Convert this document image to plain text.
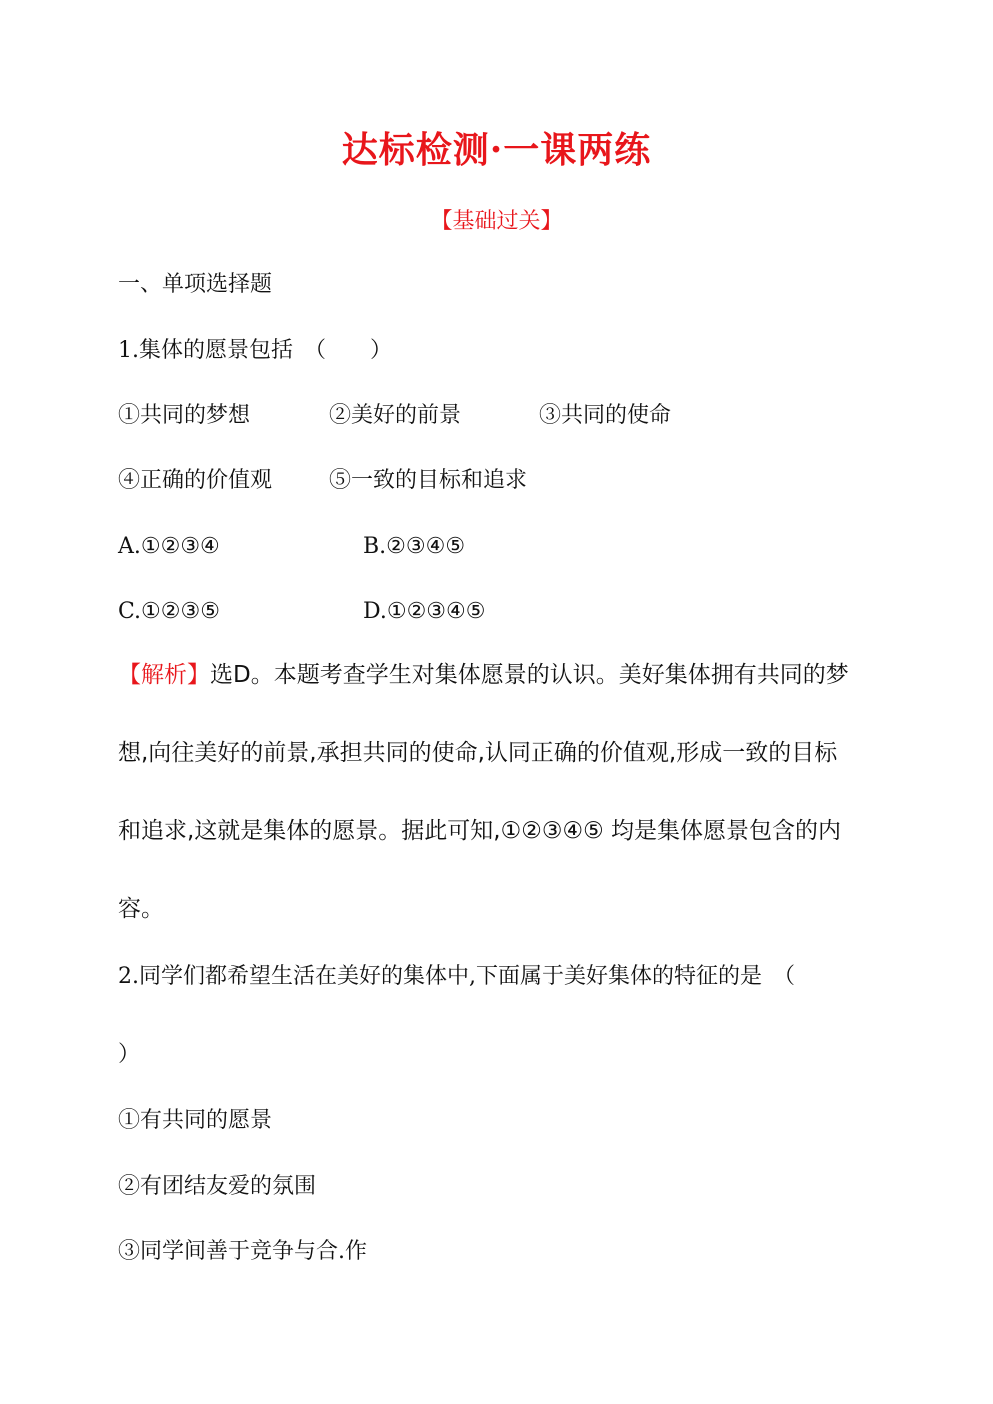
达标检测·一课两练
【基础过关】
一、单项选择题
1.集体的愿景包括　（　　）
①共同的梦想	②美好的前景	③共同的使命
④正确的价值观	⑤一致的目标和追求
A.①②③④	B.②③④⑤
C.①②③⑤	D.①②③④⑤
【解析】选D。本题考查学生对集体愿景的认识。美好集体拥有共同的梦
想,向往美好的前景,承担共同的使命,认同正确的价值观,形成一致的目标
和追求,这就是集体的愿景。据此可知,①②③④⑤ 均是集体愿景包含的内
容。
2.同学们都希望生活在美好的集体中,下面属于美好集体的特征的是　（
）
①有共同的愿景
②有团结友爱的氛围
③同学间善于竞争与合.作
